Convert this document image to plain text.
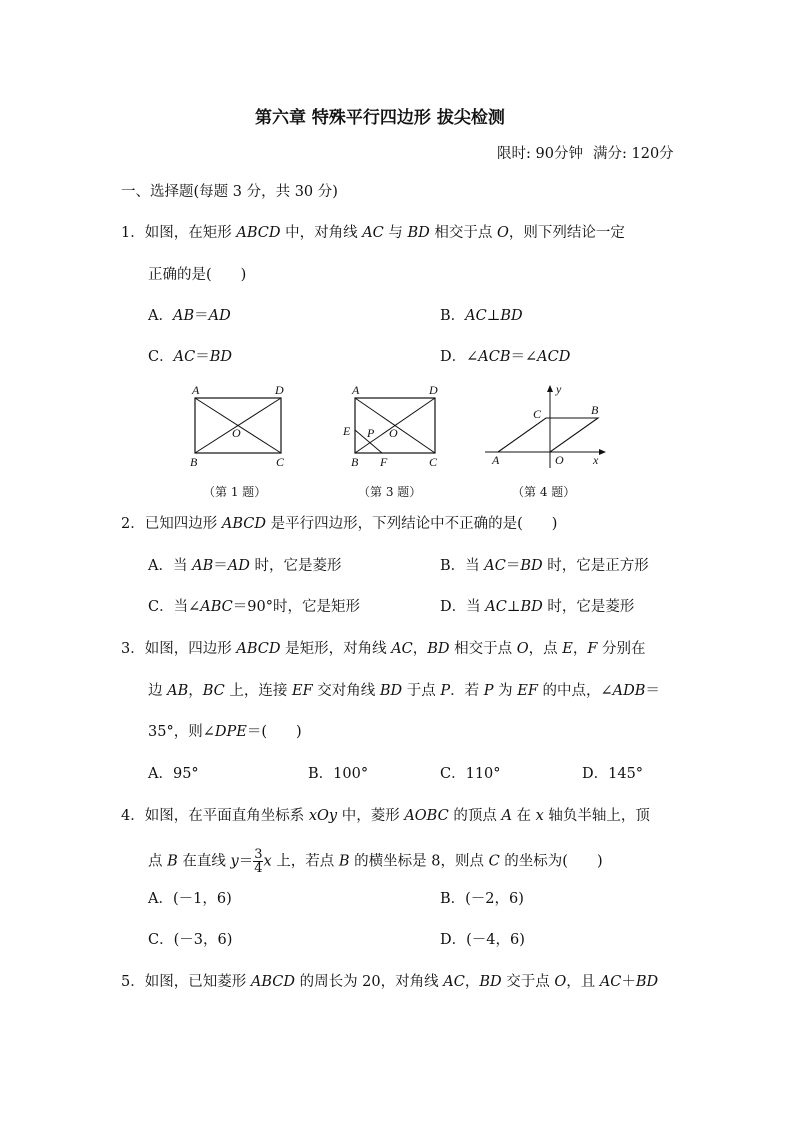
第六章 特殊平行四边形 拔尖检测
限时: 90分钟 满分: 120分
一、选择题(每题 3 分，共 30 分)
1．如图，在矩形 ABCD 中，对角线 AC 与 BD 相交于点 O，则下列结论一定
正确的是(　　)
A．AB＝AD	B．AC⊥BD
C．AC＝BD	D．∠ACB＝∠ACD
A	D
B	C
O
（第 1 题）
A	D
B	C
O
E P
F
（第 3 题）
y
x
C	B
A	O
（第 4 题）
2．已知四边形 ABCD 是平行四边形，下列结论中不正确的是(　　)
A．当 AB＝AD 时，它是菱形	B．当 AC＝BD 时，它是正方形
C．当∠ABC＝90°时，它是矩形	D．当 AC⊥BD 时，它是菱形
3．如图，四边形 ABCD 是矩形，对角线 AC，BD 相交于点 O，点 E，F 分别在
边 AB，BC 上，连接 EF 交对角线 BD 于点 P．若 P 为 EF 的中点，∠ADB＝
35°，则∠DPE＝(　　)
A．95°	B．100°	C．110°	D．145°
4．如图，在平面直角坐标系 xOy 中，菱形 AOBC 的顶点 A 在 x 轴负半轴上，顶
点 B 在直线 $y= \frac{3}{4}$ x 上，若点 B 的横坐标是 8，则点 C 的坐标为(　　)
A．(－1，6)	B．(－2，6)
C．(－3，6)	D．(－4，6)
5．如图，已知菱形 ABCD 的周长为 20，对角线 AC，BD 交于点 O，且 AC＋BD
